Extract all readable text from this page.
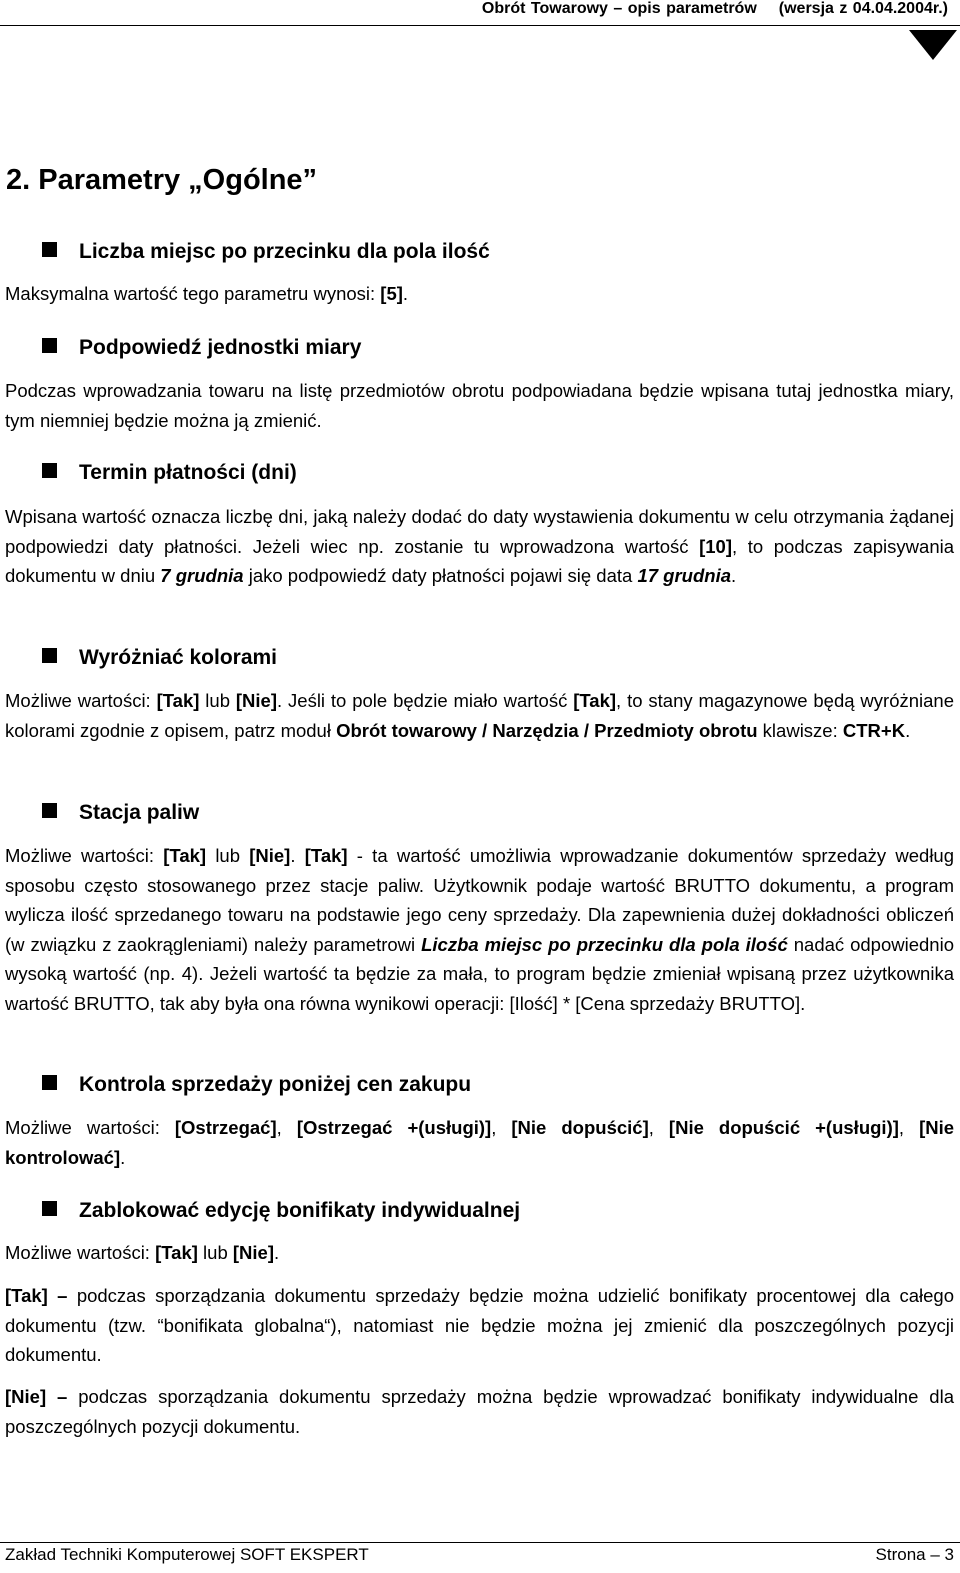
Obrót Towarowy – opis parametrów (wersja z 04.04.2004r.)
2. Parametry „Ogólne”
Liczba miejsc po przecinku dla pola ilość

Maksymalna wartość tego parametru wynosi: [5].

Podpowiedź jednostki miary

Podczas wprowadzania towaru na listę przedmiotów obrotu podpowiadana będzie wpisana tutaj jednostka miary, tym niemniej będzie można ją zmienić.

Termin płatności (dni)

Wpisana wartość oznacza liczbę dni, jaką należy dodać do daty wystawienia dokumentu w celu otrzymania żądanej podpowiedzi daty płatności. Jeżeli wiec np. zostanie tu wprowadzona wartość [10], to podczas zapisywania dokumentu w dniu 7 grudnia jako podpowiedź daty płatności pojawi się data 17 grudnia.

Wyróżniać kolorami

Możliwe wartości: [Tak] lub [Nie]. Jeśli to pole będzie miało wartość [Tak], to stany magazynowe będą wyróżniane kolorami zgodnie z opisem, patrz moduł Obrót towarowy / Narzędzia / Przedmioty obrotu klawisze: CTR+K.

Stacja paliw

Możliwe wartości: [Tak] lub [Nie]. [Tak] - ta wartość umożliwia wprowadzanie dokumentów sprzedaży według sposobu często stosowanego przez stacje paliw. Użytkownik podaje wartość BRUTTO dokumentu, a program wylicza ilość sprzedanego towaru na podstawie jego ceny sprzedaży. Dla zapewnienia dużej dokładności obliczeń (w związku z zaokrągleniami) należy parametrowi Liczba miejsc po przecinku dla pola ilość nadać odpowiednio wysoką wartość (np. 4). Jeżeli wartość ta będzie za mała, to program będzie zmieniał wpisaną przez użytkownika wartość BRUTTO, tak aby była ona równa wynikowi operacji: [Ilość] * [Cena sprzedaży BRUTTO].

Kontrola sprzedaży poniżej cen zakupu

Możliwe wartości: [Ostrzegać], [Ostrzegać +(usługi)], [Nie dopuścić], [Nie dopuścić +(usługi)], [Nie kontrolować].

Zablokować edycję bonifikaty indywidualnej

Możliwe wartości: [Tak] lub [Nie].

[Tak] – podczas sporządzania dokumentu sprzedaży będzie można udzielić bonifikaty procentowej dla całego dokumentu (tzw. “bonifikata globalna“), natomiast nie będzie można jej zmienić dla poszczególnych pozycji dokumentu.

[Nie] – podczas sporządzania dokumentu sprzedaży można będzie wprowadzać bonifikaty indywidualne dla poszczególnych pozycji dokumentu.

Zakład Techniki Komputerowej SOFT EKSPERT	Strona – 3
